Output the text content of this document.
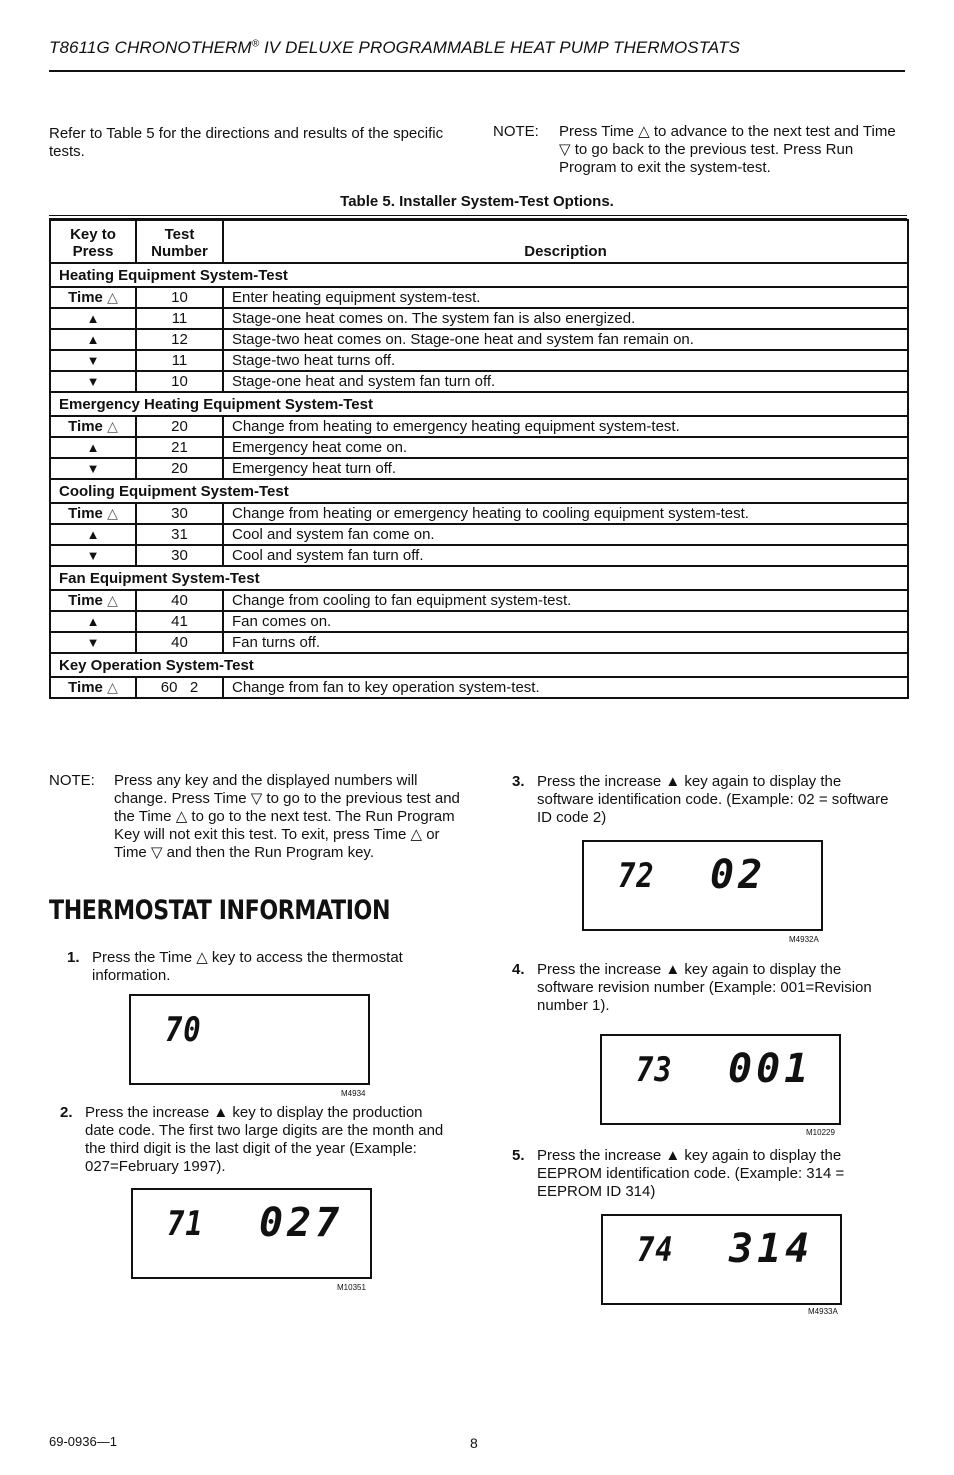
T8611G CHRONOTHERM® IV DELUXE PROGRAMMABLE HEAT PUMP THERMOSTATS
Refer to Table 5 for the directions and results of the specific tests.
NOTE: Press Time △ to advance to the next test and Time ▽ to go back to the previous test. Press Run Program to exit the system-test.
Table 5. Installer System-Test Options.
Key to Press	Test Number	Description
Heating Equipment System-Test		
Time △	10	Enter heating equipment system-test.
▲	11	Stage-one heat comes on. The system fan is also energized.
▲	12	Stage-two heat comes on. Stage-one heat and system fan remain on.
▼	11	Stage-two heat turns off.
▼	10	Stage-one heat and system fan turn off.
Emergency Heating Equipment System-Test		
Time △	20	Change from heating to emergency heating equipment system-test.
▲	21	Emergency heat come on.
▼	20	Emergency heat turn off.
Cooling Equipment System-Test		
Time △	30	Change from heating or emergency heating to cooling equipment system-test.
▲	31	Cool and system fan come on.
▼	30	Cool and system fan turn off.
Fan Equipment System-Test		
Time △	40	Change from cooling to fan equipment system-test.
▲	41	Fan comes on.
▼	40	Fan turns off.
Key Operation System-Test		
Time △	60   2	Change from fan to key operation system-test.
NOTE: Press any key and the displayed numbers will change. Press Time ▽ to go to the previous test and the Time △ to go to the next test. The Run Program Key will not exit this test. To exit, press Time △ or Time ▽ and then the Run Program key.
THERMOSTAT INFORMATION
1. Press the Time △ key to access the thermostat information.
70
M4934
2. Press the increase ▲ key to display the production date code. The first two large digits are the month and the third digit is the last digit of the year (Example: 027=February 1997).
71 027
M10351
3. Press the increase ▲ key again to display the software identification code. (Example: 02 = software ID code 2)
72 02
M4932A
4. Press the increase ▲ key again to display the software revision number (Example: 001=Revision number 1).
73 001
M10229
5. Press the increase ▲ key again to display the EEPROM identification code. (Example: 314 = EEPROM ID 314)
74 314
M4933A
69-0936—1	8
